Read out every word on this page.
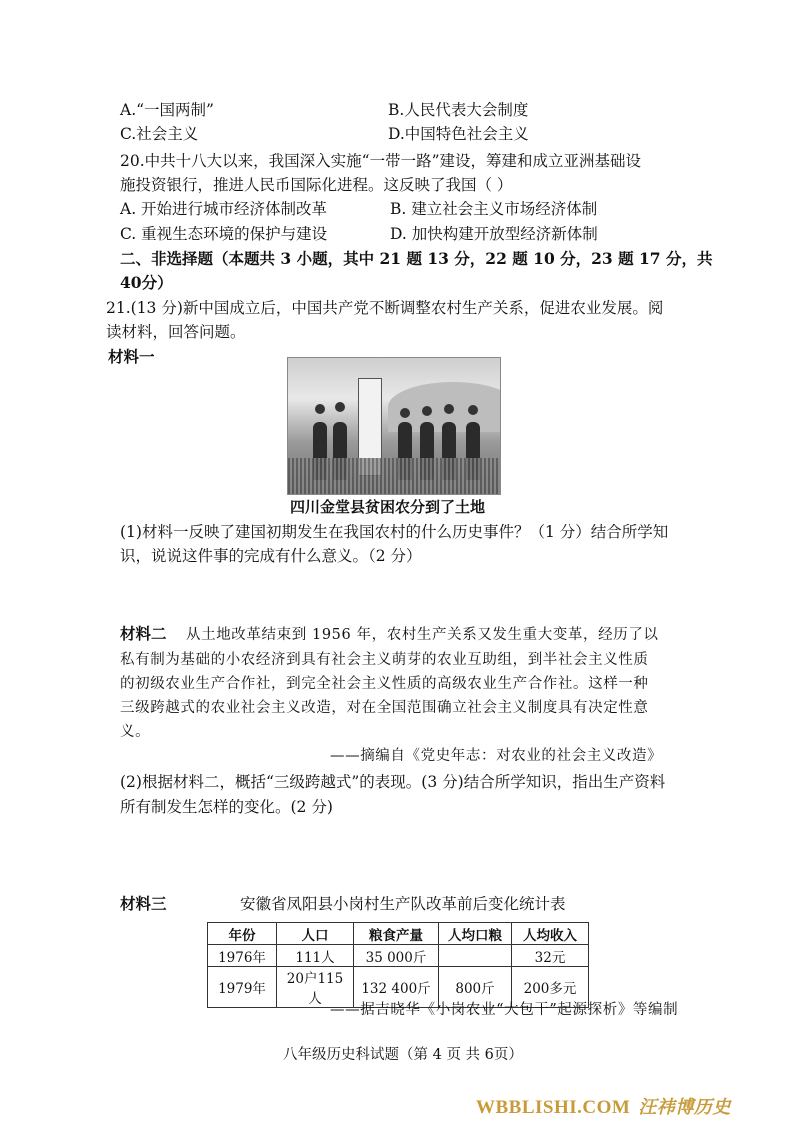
A.“一国两制”	B.人民代表大会制度
C.社会主义	D.中国特色社会主义
20.中共十八大以来，我国深入实施“一带一路”建设，筹建和成立亚洲基础设
施投资银行，推进人民币国际化进程。这反映了我国（ ）
A. 开始进行城市经济体制改革	B. 建立社会主义市场经济体制
C. 重视生态环境的保护与建设	D. 加快构建开放型经济新体制
二、非选择题（本题共 3 小题，其中 21 题 13 分，22 题 10 分，23 题 17 分，共
40分）
21.(13 分)新中国成立后，中国共产党不断调整农村生产关系，促进农业发展。阅
读材料，回答问题。
材料一
四川金堂县贫困农分到了土地
(1)材料一反映了建国初期发生在我国农村的什么历史事件？（1 分）结合所学知
识，说说这件事的完成有什么意义。（2 分）
材料二 从土地改革结束到 1956 年，农村生产关系又发生重大变革，经历了以
私有制为基础的小农经济到具有社会主义萌芽的农业互助组，到半社会主义性质
的初级农业生产合作社，到完全社会主义性质的高级农业生产合作社。这样一种
三级跨越式的农业社会主义改造，对在全国范围确立社会主义制度具有决定性意
义。
——摘编自《党史年志：对农业的社会主义改造》
(2)根据材料二，概括“三级跨越式”的表现。(3 分)结合所学知识，指出生产资料
所有制发生怎样的变化。(2 分)
材料三	安徽省凤阳县小岗村生产队改革前后变化统计表
年份	人口	粮食产量	人均口粮	人均收入
1976年	111人	35 000斤		32元
1979年	20户115人	132 400斤	800斤	200多元
——据吉晓华《小岗农业“大包干”起源探析》等编制
八年级历史科试题（第 4 页 共 6页）
WBBLISHI.COM 汪祎博历史
